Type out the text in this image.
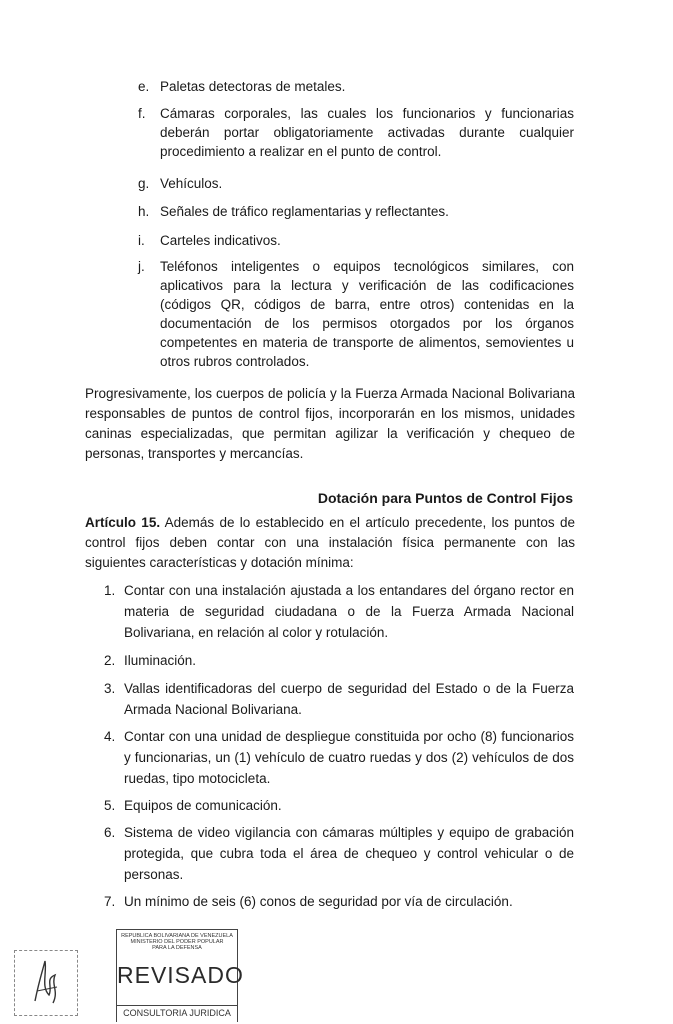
e. Paletas detectoras de metales.
f. Cámaras corporales, las cuales los funcionarios y funcionarias deberán portar obligatoriamente activadas durante cualquier procedimiento a realizar en el punto de control.
g. Vehículos.
h. Señales de tráfico reglamentarias y reflectantes.
i. Carteles indicativos.
j. Teléfonos inteligentes o equipos tecnológicos similares, con aplicativos para la lectura y verificación de las codificaciones (códigos QR, códigos de barra, entre otros) contenidas en la documentación de los permisos otorgados por los órganos competentes en materia de transporte de alimentos, semovientes u otros rubros controlados.
Progresivamente, los cuerpos de policía y la Fuerza Armada Nacional Bolivariana responsables de puntos de control fijos, incorporarán en los mismos, unidades caninas especializadas, que permitan agilizar la verificación y chequeo de personas, transportes y mercancías.
Dotación para Puntos de Control Fijos
Artículo 15. Además de lo establecido en el artículo precedente, los puntos de control fijos deben contar con una instalación física permanente con las siguientes características y dotación mínima:
1. Contar con una instalación ajustada a los entandares del órgano rector en materia de seguridad ciudadana o de la Fuerza Armada Nacional Bolivariana, en relación al color y rotulación.
2. Iluminación.
3. Vallas identificadoras del cuerpo de seguridad del Estado o de la Fuerza Armada Nacional Bolivariana.
4. Contar con una unidad de despliegue constituida por ocho (8) funcionarios y funcionarias, un (1) vehículo de cuatro ruedas y dos (2) vehículos de dos ruedas, tipo motocicleta.
5. Equipos de comunicación.
6. Sistema de video vigilancia con cámaras múltiples y equipo de grabación protegida, que cubra toda el área de chequeo y control vehicular o de personas.
7. Un mínimo de seis (6) conos de seguridad por vía de circulación.
REPUBLICA BOLIVARIANA DE VENEZUELA
MINISTERIO DEL PODER POPULAR
PARA LA DEFENSA
REVISADO
CONSULTORIA JURIDICA
